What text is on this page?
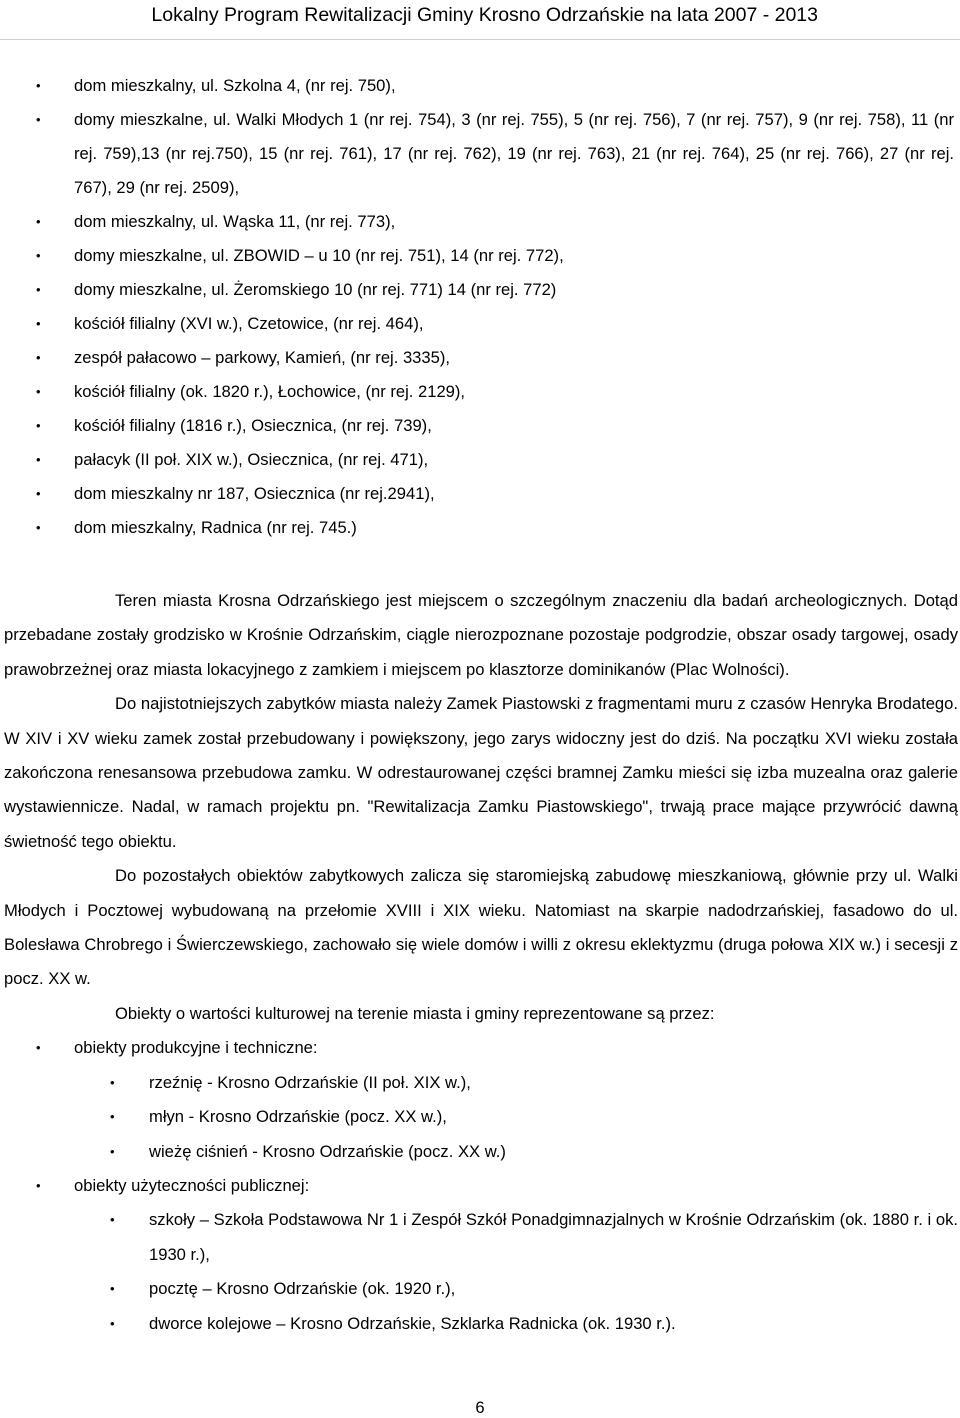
Lokalny Program Rewitalizacji Gminy Krosno Odrzańskie na lata 2007 - 2013
• dom mieszkalny, ul. Szkolna 4, (nr rej. 750),
• domy mieszkalne, ul. Walki Młodych 1 (nr rej. 754), 3 (nr rej. 755), 5 (nr rej. 756), 7 (nr rej. 757), 9 (nr rej. 758), 11 (nr rej. 759),13 (nr rej.750), 15 (nr rej. 761), 17 (nr rej. 762), 19 (nr rej. 763), 21 (nr rej. 764), 25 (nr rej. 766), 27 (nr rej. 767), 29 (nr rej. 2509),
• dom mieszkalny, ul. Wąska 11, (nr rej. 773),
• domy mieszkalne, ul. ZBOWID – u 10 (nr rej. 751), 14 (nr rej. 772),
• domy mieszkalne, ul. Żeromskiego 10 (nr rej. 771) 14 (nr rej. 772)
• kościół filialny (XVI w.), Czetowice, (nr rej. 464),
• zespół pałacowo – parkowy, Kamień, (nr rej. 3335),
• kościół filialny (ok. 1820 r.), Łochowice, (nr rej. 2129),
• kościół filialny (1816 r.), Osiecznica, (nr rej. 739),
• pałacyk (II poł. XIX w.), Osiecznica, (nr rej. 471),
• dom mieszkalny nr 187, Osiecznica (nr rej.2941),
• dom mieszkalny, Radnica (nr rej. 745.)

Teren miasta Krosna Odrzańskiego jest miejscem o szczególnym znaczeniu dla badań archeologicznych. Dotąd przebadane zostały grodzisko w Krośnie Odrzańskim, ciągle nierozpoznane pozostaje podgrodzie, obszar osady targowej, osady prawobrzeżnej oraz miasta lokacyjnego z zamkiem i miejscem po klasztorze dominikanów (Plac Wolności).

Do najistotniejszych zabytków miasta należy Zamek Piastowski z fragmentami muru z czasów Henryka Brodatego. W XIV i XV wieku zamek został przebudowany i powiększony, jego zarys widoczny jest do dziś. Na początku XVI wieku została zakończona renesansowa przebudowa zamku. W odrestaurowanej części bramnej Zamku mieści się izba muzealna oraz galerie wystawiennicze. Nadal, w ramach projektu pn. "Rewitalizacja Zamku Piastowskiego", trwają prace mające przywrócić dawną świetność tego obiektu.

Do pozostałych obiektów zabytkowych zalicza się staromiejską zabudowę mieszkaniową, głównie przy ul. Walki Młodych i Pocztowej wybudowaną na przełomie XVIII i XIX wieku. Natomiast na skarpie nadodrzańskiej, fasadowo do ul. Bolesława Chrobrego i Świerczewskiego, zachowało się wiele domów i willi z okresu eklektyzmu (druga połowa XIX w.) i secesji z pocz. XX w.

Obiekty o wartości kulturowej na terenie miasta i gminy reprezentowane są przez:

• obiekty produkcyjne i techniczne:
• rzeźnię - Krosno Odrzańskie (II poł. XIX w.),
• młyn - Krosno Odrzańskie (pocz. XX w.),
• wieżę ciśnień - Krosno Odrzańskie (pocz. XX w.)
• obiekty użyteczności publicznej:
• szkoły – Szkoła Podstawowa Nr 1 i Zespół Szkół Ponadgimnazjalnych w Krośnie Odrzańskim (ok. 1880 r. i ok. 1930 r.),
• pocztę – Krosno Odrzańskie (ok. 1920 r.),
• dworce kolejowe – Krosno Odrzańskie, Szklarka Radnicka (ok. 1930 r.).
6
